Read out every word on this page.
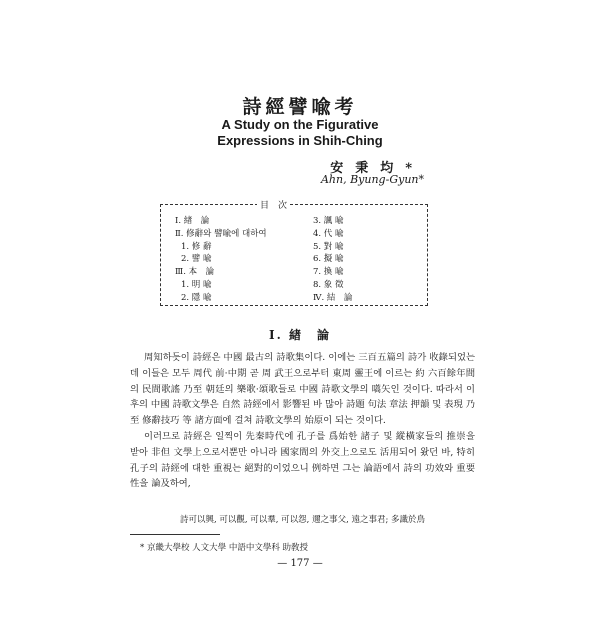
詩經譬喩考
A Study on the Figurative
Expressions in Shih-Ching
安秉均*
Ahn, Byung-Gyun*
目　次
Ⅰ. 緖　論
Ⅱ. 修辭와 譬喩에 대하여
1. 修 辭
2. 譬 喩
Ⅲ. 本　論
1. 明 喩
2. 隱 喩
3. 諷 喩
4. 代 喩
5. 對 喩
6. 擬 喩
7. 換 喩
8. 象 徵
Ⅳ. 結　論
Ⅰ. 緖　論

周知하듯이 詩經은 中國 最古의 詩歌集이다. 이에는 三百五篇의 詩가 收錄되었는데 이들은 모두 周代 前·中期 곧 周 武王으로부터 東周 靈王에 이르는 約 六百餘年間의 民間歌謠 乃至 朝廷의 樂歌·頌歌들로 中國 詩歌文學의 嚆矢인 것이다. 따라서 이후의 中國 詩歌文學은 自然 詩經에서 影響된 바 많아 詩題 句法 章法 押韻 및 表現 乃至 修辭技巧 等 諸方面에 걸쳐 詩歌文學의 始原이 되는 것이다.

이러므로 詩經은 일찍이 先秦時代에 孔子를 爲始한 諸子 및 縱橫家들의 推崇을 받아 非但 文學上으로서뿐만 아니라 國家間의 外交上으로도 活用되어 왔던 바, 特히 孔子의 詩經에 대한 重視는 絕對的이었으니 例하면 그는 論語에서 詩의 功效와 重要性을 論及하여,

詩可以興, 可以觀, 可以羣, 可以怨, 邇之事父, 遠之事君; 多識於鳥
* 京畿大學校 人文大學 中語中文學科 助敎授
— 177 —
